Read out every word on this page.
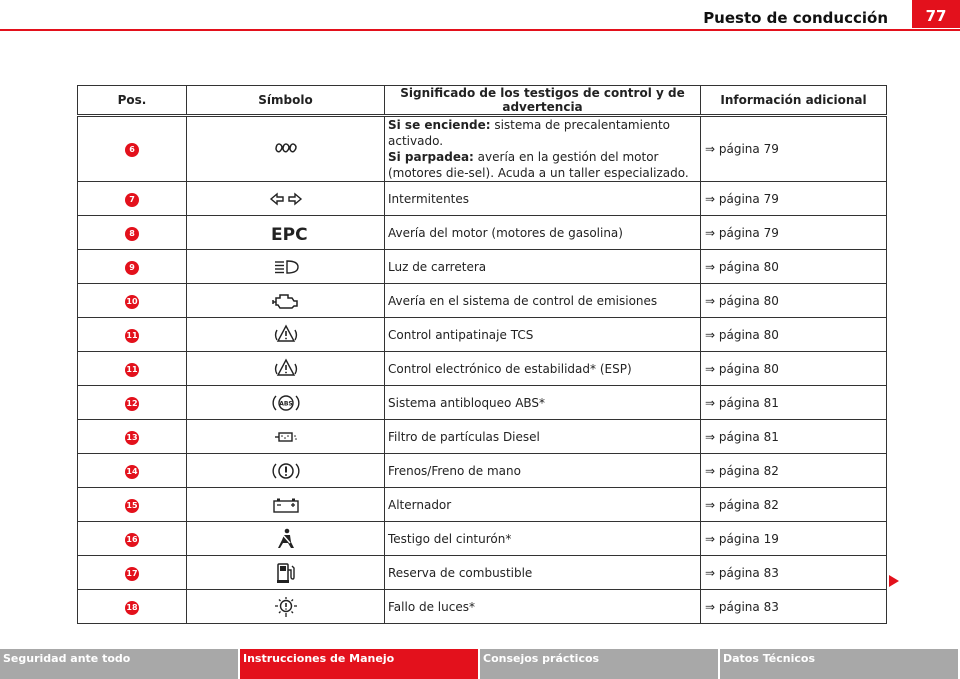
Puesto de conducción	77
Pos.	Símbolo	Significado de los testigos de control y de advertencia	Información adicional
6		Si se enciende: sistema de precalentamiento activado.
Si parpadea: avería en la gestión del motor (motores die-sel). Acuda a un taller especializado.	⇒ página 79
7		Intermitentes	⇒ página 79
8	EPC	Avería del motor (motores de gasolina)	⇒ página 79
9		Luz de carretera	⇒ página 80
10		Avería en el sistema de control de emisiones	⇒ página 80
11		Control antipatinaje TCS	⇒ página 80
11		Control electrónico de estabilidad* (ESP)	⇒ página 80
12	ABS	Sistema antibloqueo ABS*	⇒ página 81
13		Filtro de partículas Diesel	⇒ página 81
14		Frenos/Freno de mano	⇒ página 82
15		Alternador	⇒ página 82
16		Testigo del cinturón*	⇒ página 19
17		Reserva de combustible	⇒ página 83
18		Fallo de luces*	⇒ página 83
Seguridad ante todo	Instrucciones de Manejo	Consejos prácticos	Datos Técnicos
